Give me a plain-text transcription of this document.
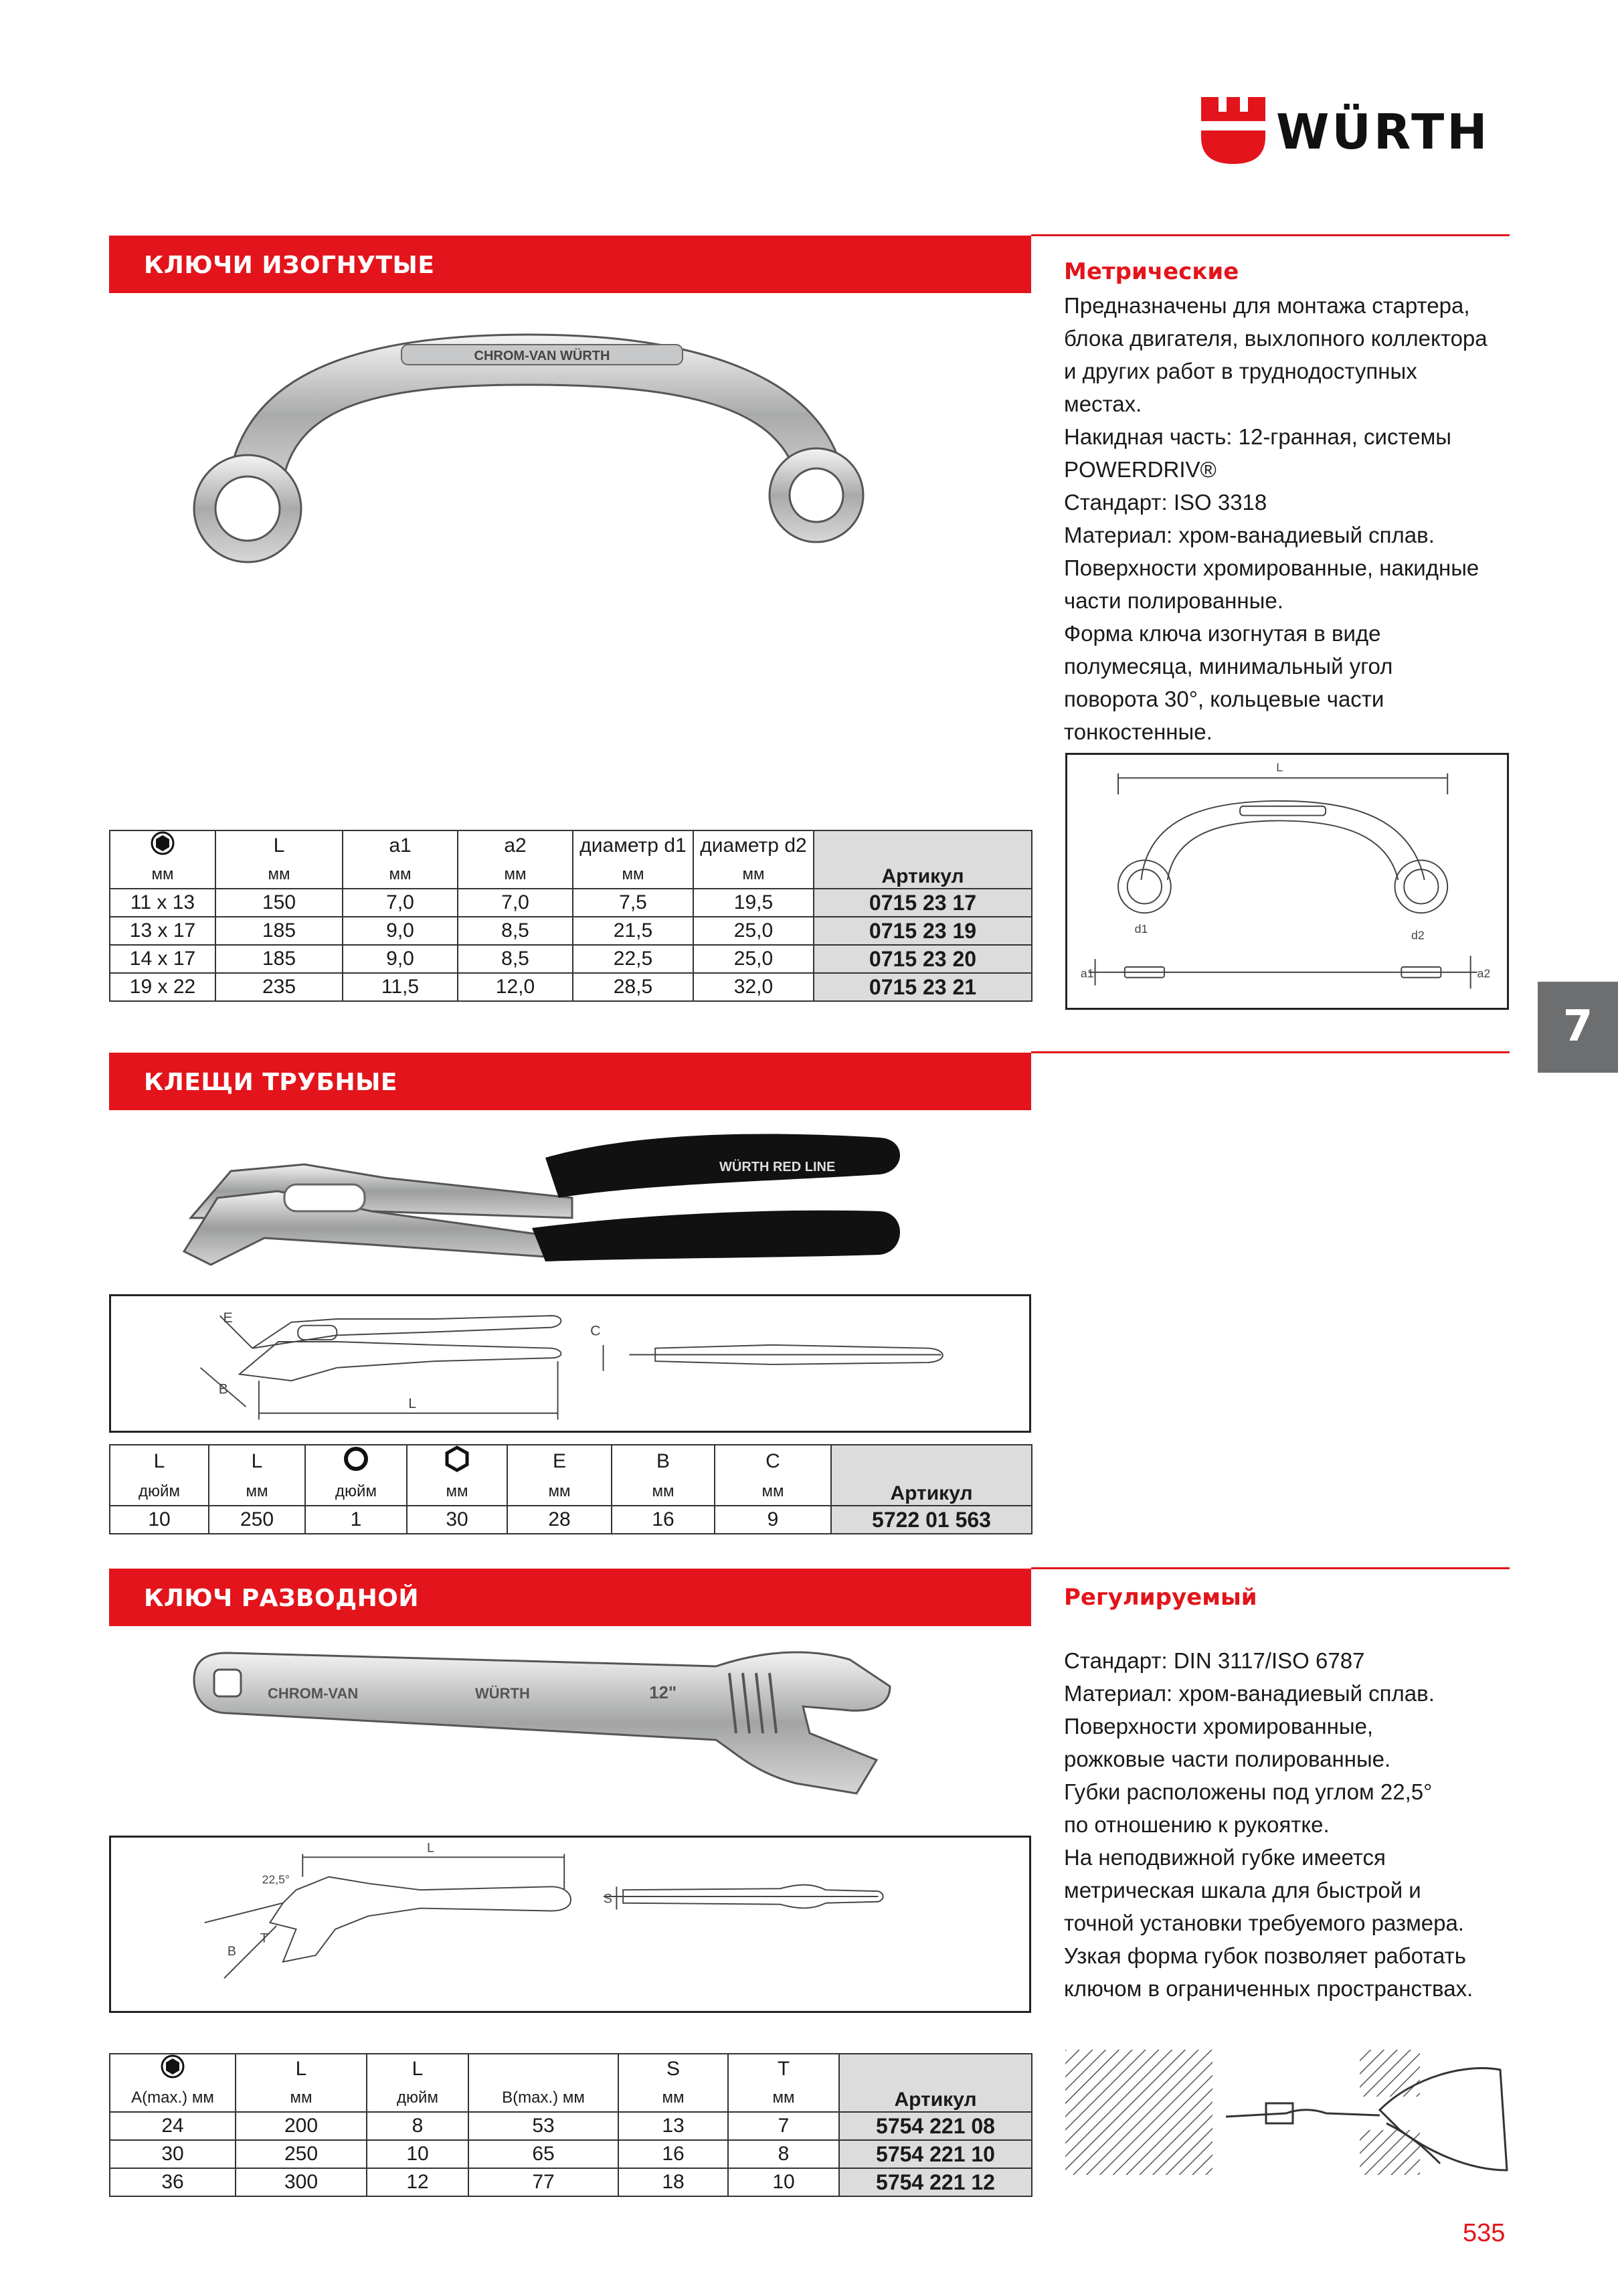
WÜRTH
КЛЮЧИ ИЗОГНУТЫЕ	Метрические

Предназначены для монтажа стартера,

блока двигателя, выхлопного коллектора

и других работ в труднодоступных

местах.

Накидная часть: 12-гранная, системы

POWERDRIV®

Стандарт: ISO 3318

Материал: хром-ванадиевый сплав.

Поверхности хромированные, накидные

части полированные.

Форма ключа изогнутая в виде

полумесяца, минимальный угол

поворота 30°, кольцевые части

тонкостенные.

CHROM-VAN WÜRTH
L
d1	d2
a1	a2
	L	a1	a2	диаметр d1	диаметр d2	Артикул
мм	мм	мм	мм	мм	мм	
11 x 13	150	7,0	7,0	7,5	19,5	0715 23 17
13 x 17	185	9,0	8,5	21,5	25,0	0715 23 19
14 x 17	185	9,0	8,5	22,5	25,0	0715 23 20
19 x 22	235	11,5	12,0	28,5	32,0	0715 23 21
7
КЛЕЩИ ТРУБНЫЕ
WÜRTH RED LINE
E
B
L
C
L	L			E	B	C	Артикул
дюйм	мм	дюйм	мм	мм	мм	мм	
10	250	1	30	28	16	9	5722 01 563
КЛЮЧ РАЗВОДНОЙ	Регулируемый

Стандарт: DIN 3117/ISO 6787

Материал: хром-ванадиевый сплав.

Поверхности хромированные,

рожковые части полированные.

Губки расположены под углом 22,5°

по отношению к рукоятке.

На неподвижной губке имеется

метрическая шкала для быстрой и

точной установки требуемого размера.

Узкая форма губок позволяет работать

ключом в ограниченных пространствах.

CHROM-VAN	WÜRTH	12"
L
22,5°
B
T
S
	L	L		S	T	Артикул
A(max.) мм	мм	дюйм	B(max.) мм	мм	мм	
24	200	8	53	13	7	5754 221 08
30	250	10	65	16	8	5754 221 10
36	300	12	77	18	10	5754 221 12
535
